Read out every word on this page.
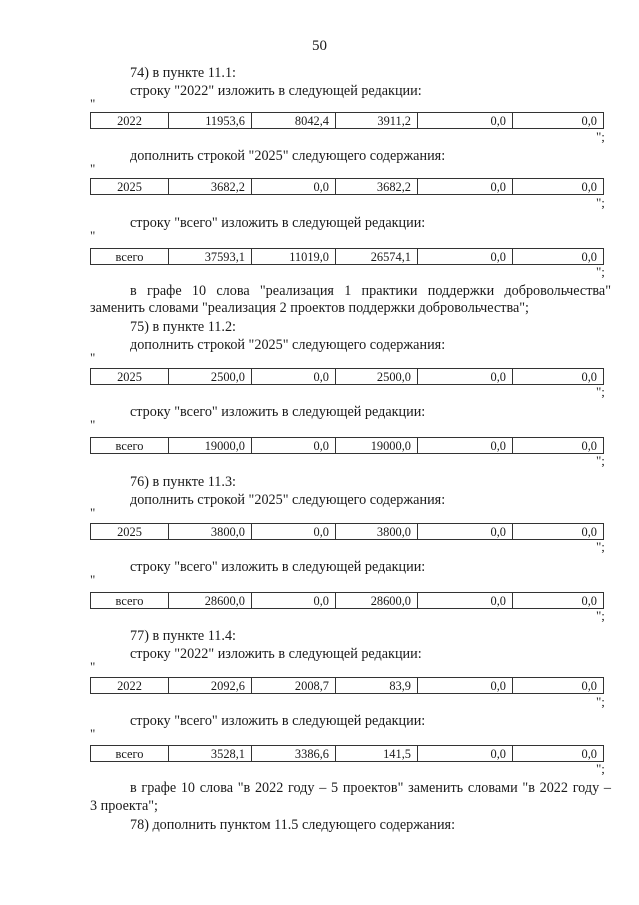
50
74) в пункте 11.1:
строку "2022" изложить в следующей редакции:
"
2022	11953,6	8042,4	3911,2	0,0	0,0
";
дополнить строкой "2025" следующего содержания:
"
2025	3682,2	0,0	3682,2	0,0	0,0
";
строку "всего" изложить в следующей редакции:
"
всего	37593,1	11019,0	26574,1	0,0	0,0
";
в графе 10 слова "реализация 1 практики поддержки добровольчества"
заменить словами "реализация 2 проектов поддержки добровольчества";
75) в пункте 11.2:
дополнить строкой "2025" следующего содержания:
"
2025	2500,0	0,0	2500,0	0,0	0,0
";
строку "всего" изложить в следующей редакции:
"
всего	19000,0	0,0	19000,0	0,0	0,0
";
76) в пункте 11.3:
дополнить строкой "2025" следующего содержания:
"
2025	3800,0	0,0	3800,0	0,0	0,0
";
строку "всего" изложить в следующей редакции:
"
всего	28600,0	0,0	28600,0	0,0	0,0
";
77) в пункте 11.4:
строку "2022" изложить в следующей редакции:
"
2022	2092,6	2008,7	83,9	0,0	0,0
";
строку "всего" изложить в следующей редакции:
"
всего	3528,1	3386,6	141,5	0,0	0,0
";
в графе 10 слова "в 2022 году – 5 проектов" заменить словами "в 2022 году –
3 проекта";
78) дополнить пунктом 11.5 следующего содержания:
